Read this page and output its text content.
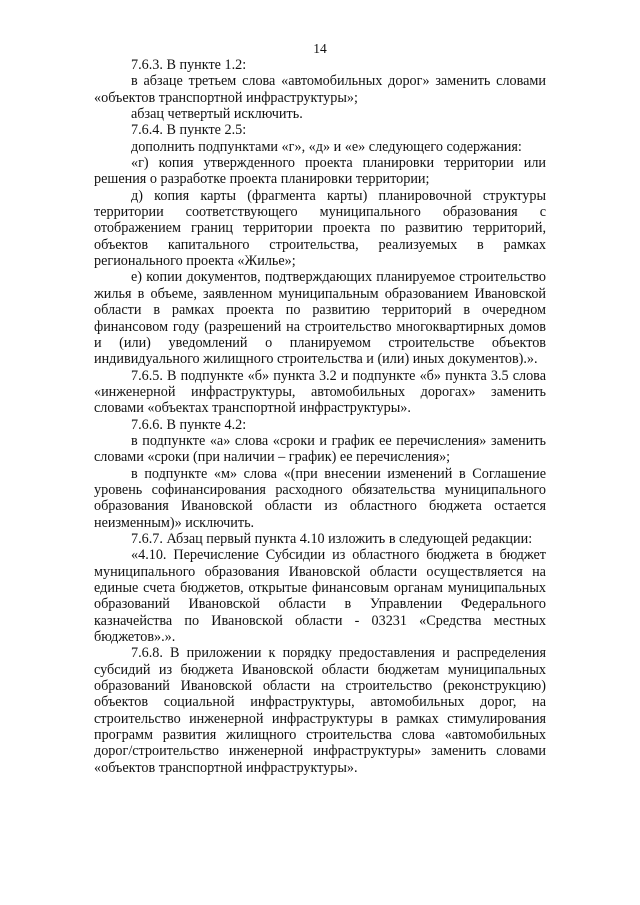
14

7.6.3. В пункте 1.2:

в абзаце третьем слова «автомобильных дорог» заменить словами «объектов транспортной инфраструктуры»;

абзац четвертый исключить.

7.6.4. В пункте 2.5:

дополнить подпунктами «г», «д» и «е» следующего содержания:

«г) копия утвержденного проекта планировки территории или решения о разработке проекта планировки территории;

д) копия карты (фрагмента карты) планировочной структуры территории соответствующего муниципального образования с отображением границ территории проекта по развитию территорий, объектов капитального строительства, реализуемых в рамках регионального проекта «Жилье»;

е) копии документов, подтверждающих планируемое строительство жилья в объеме, заявленном муниципальным образованием Ивановской области в рамках проекта по развитию территорий в очередном финансовом году (разрешений на строительство многоквартирных домов и (или) уведомлений о планируемом строительстве объектов индивидуального жилищного строительства и (или) иных документов).».

7.6.5. В подпункте «б» пункта 3.2 и подпункте «б» пункта 3.5 слова «инженерной инфраструктуры, автомобильных дорогах» заменить словами «объектах транспортной инфраструктуры».

7.6.6. В пункте 4.2:

в подпункте «а» слова «сроки и график ее перечисления» заменить словами «сроки (при наличии – график) ее перечисления»;

в подпункте «м» слова «(при внесении изменений в Соглашение уровень софинансирования расходного обязательства муниципального образования Ивановской области из областного бюджета остается неизменным)» исключить.

7.6.7. Абзац первый пункта 4.10 изложить в следующей редакции:

«4.10. Перечисление Субсидии из областного бюджета в бюджет муниципального образования Ивановской области осуществляется на единые счета бюджетов, открытые финансовым органам муниципальных образований Ивановской области в Управлении Федерального казначейства по Ивановской области - 03231 «Средства местных бюджетов».».

7.6.8. В приложении к порядку предоставления и распределения субсидий из бюджета Ивановской области бюджетам муниципальных образований Ивановской области на строительство (реконструкцию) объектов социальной инфраструктуры, автомобильных дорог, на строительство инженерной инфраструктуры в рамках стимулирования программ развития жилищного строительства слова «автомобильных дорог/строительство инженерной инфраструктуры» заменить словами «объектов транспортной инфраструктуры».
